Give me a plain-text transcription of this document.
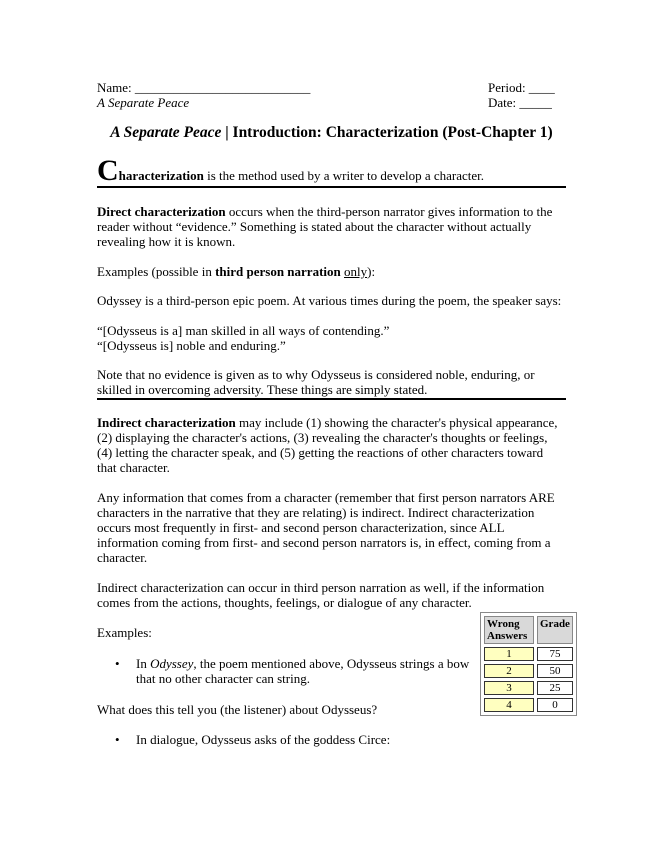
Name: ___________________________
A Separate Peace
Period: ____
Date: _____
A Separate Peace | Introduction: Characterization (Post-Chapter 1)
Characterization is the method used by a writer to develop a character.
Direct characterization occurs when the third-person narrator gives information to the
reader without “evidence.” Something is stated about the character without actually
revealing how it is known.
Examples (possible in third person narration only):
Odyssey is a third-person epic poem. At various times during the poem, the speaker says:
“[Odysseus is a] man skilled in all ways of contending.”
“[Odysseus is] noble and enduring.”
Note that no evidence is given as to why Odysseus is considered noble, enduring, or
skilled in overcoming adversity. These things are simply stated.
Indirect characterization may include (1) showing the character's physical appearance,
(2) displaying the character's actions, (3) revealing the character's thoughts or feelings,
(4) letting the character speak, and (5) getting the reactions of other characters toward
that character.
Any information that comes from a character (remember that first person narrators ARE
characters in the narrative that they are relating) is indirect. Indirect characterization
occurs most frequently in first- and second person characterization, since ALL
information coming from first- and second person narrators is, in effect, coming from a
character.
Indirect characterization can occur in third person narration as well, if the information
comes from the actions, thoughts, feelings, or dialogue of any character.
Examples:
• In Odyssey, the poem mentioned above, Odysseus strings a bow
that no other character can string.
What does this tell you (the listener) about Odysseus?
• In dialogue, Odysseus asks of the goddess Circe:
Wrong Answers	Grade
1	75
2	50
3	25
4	0
